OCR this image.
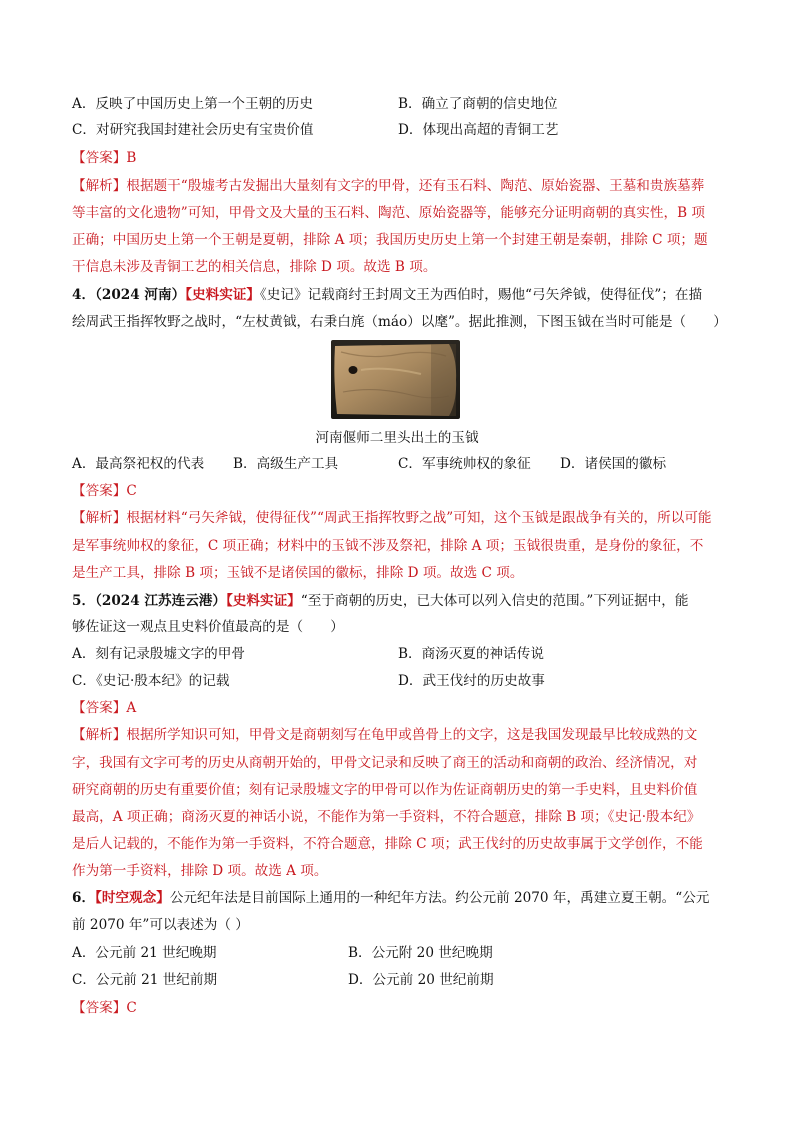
A．反映了中国历史上第一个王朝的历史	B．确立了商朝的信史地位
C．对研究我国封建社会历史有宝贵价值	D．体现出高超的青铜工艺
【答案】B
【解析】根据题干“殷墟考古发掘出大量刻有文字的甲骨，还有玉石料、陶范、原始瓷器、王墓和贵族墓葬
等丰富的文化遗物”可知，甲骨文及大量的玉石料、陶范、原始瓷器等，能够充分证明商朝的真实性，B 项
正确；中国历史上第一个王朝是夏朝，排除 A 项；我国历史历史上第一个封建王朝是秦朝，排除 C 项；题
干信息未涉及青铜工艺的相关信息，排除 D 项。故选 B 项。
4．（2024 河南）【史料实证】《史记》记载商纣王封周文王为西伯时，赐他“弓矢斧钺，使得征伐”；在描
绘周武王指挥牧野之战时，“左杖黄钺，右秉白旄（máo）以麾”。据此推测，下图玉钺在当时可能是（　　）
河南偃师二里头出土的玉钺
A．最高祭祀权的代表 B．高级生产工具	C．军事统帅权的象征 D．诸侯国的徽标
【答案】C
【解析】根据材料“弓矢斧钺，使得征伐”“周武王指挥牧野之战”可知，这个玉钺是跟战争有关的，所以可能
是军事统帅权的象征，C 项正确；材料中的玉钺不涉及祭祀，排除 A 项；玉钺很贵重，是身份的象征，不
是生产工具，排除 B 项；玉钺不是诸侯国的徽标，排除 D 项。故选 C 项。
5．（2024 江苏连云港）【史料实证】“至于商朝的历史，已大体可以列入信史的范围。”下列证据中，能
够佐证这一观点且史料价值最高的是（　　）
A．刻有记录殷墟文字的甲骨	B．商汤灭夏的神话传说
C．《史记·殷本纪》的记载	D．武王伐纣的历史故事
【答案】A
【解析】根据所学知识可知，甲骨文是商朝刻写在龟甲或兽骨上的文字，这是我国发现最早比较成熟的文
字，我国有文字可考的历史从商朝开始的，甲骨文记录和反映了商王的活动和商朝的政治、经济情况，对
研究商朝的历史有重要价值；刻有记录殷墟文字的甲骨可以作为佐证商朝历史的第一手史料，且史料价值
最高，A 项正确；商汤灭夏的神话小说，不能作为第一手资料，不符合题意，排除 B 项；《史记·殷本纪》
是后人记载的，不能作为第一手资料，不符合题意，排除 C 项；武王伐纣的历史故事属于文学创作，不能
作为第一手资料，排除 D 项。故选 A 项。
6．【时空观念】公元纪年法是目前国际上通用的一种纪年方法。约公元前 2070 年，禹建立夏王朝。“公元
前 2070 年”可以表述为（ ）
A．公元前 21 世纪晚期	B．公元附 20 世纪晚期
C．公元前 21 世纪前期	D．公元前 20 世纪前期
【答案】C
